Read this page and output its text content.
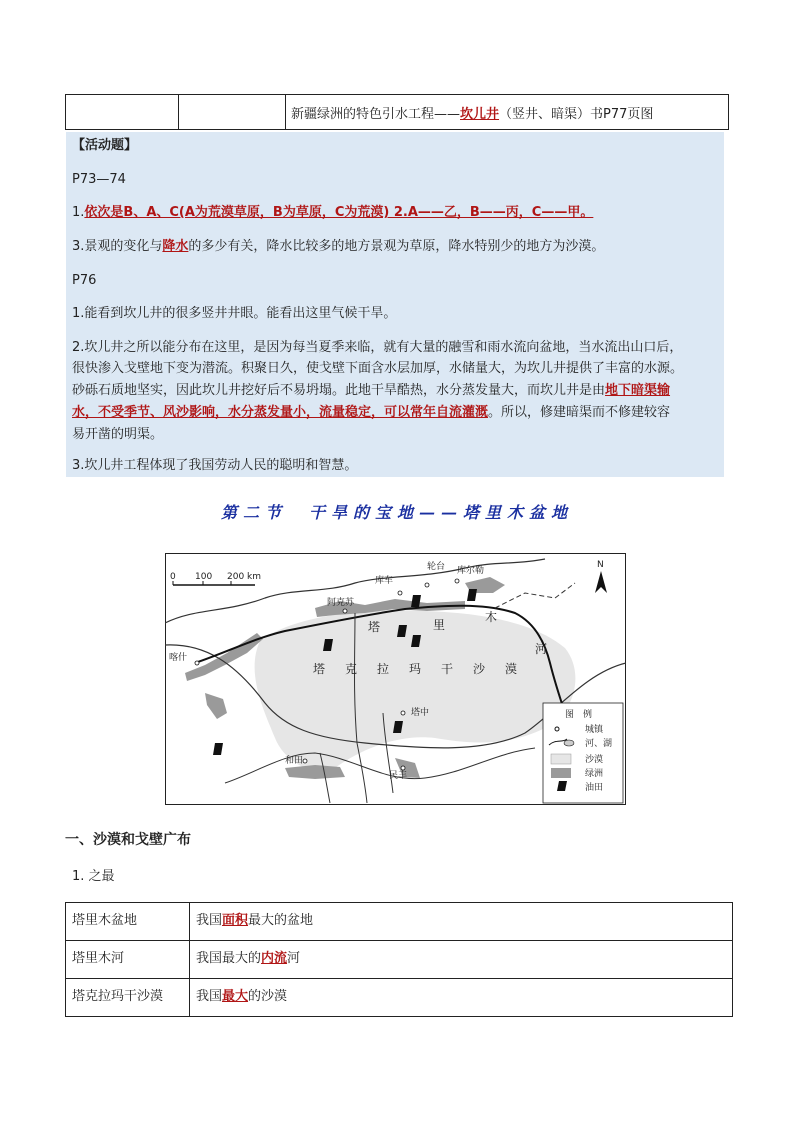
新疆绿洲的特色引水工程——坎儿井（竖井、暗渠）书P77页图
【活动题】
P73—74
1.依次是B、A、C(A为荒漠草原，B为草原，C为荒漠) 2.A——乙，B——丙，C——甲。
3.景观的变化与降水的多少有关，降水比较多的地方景观为草原，降水特别少的地方为沙漠。
P76
1.能看到坎儿井的很多竖井井眼。能看出这里气候干旱。
2.坎儿井之所以能分布在这里，是因为每当夏季来临，就有大量的融雪和雨水流向盆地，当水流出山口后，
很快渗入戈壁地下变为潜流。积聚日久，使戈壁下面含水层加厚，水储量大，为坎儿井提供了丰富的水源。
砂砾石质地坚实，因此坎儿井挖好后不易坍塌。此地干旱酷热，水分蒸发量大，而坎儿井是由地下暗渠输
水，不受季节、风沙影响，水分蒸发量小，流量稳定，可以常年自流灌溉。所以，修建暗渠而不修建较容
易开凿的明渠。
3.坎儿井工程体现了我国劳动人民的聪明和智慧。
第二节　干旱的宝地——塔里木盆地
0 100 200 km
N
库车
轮台 库尔勒
阿克苏
喀什
塔中
和田
民丰
塔	里
木
河
塔 克 拉 玛 干 沙 漠
图　例
城镇
河、湖
沙漠
绿洲
油田
一、沙漠和戈壁广布
1. 之最
塔里木盆地	我国面积最大的盆地
塔里木河	我国最大的内流河
塔克拉玛干沙漠	我国最大的沙漠
